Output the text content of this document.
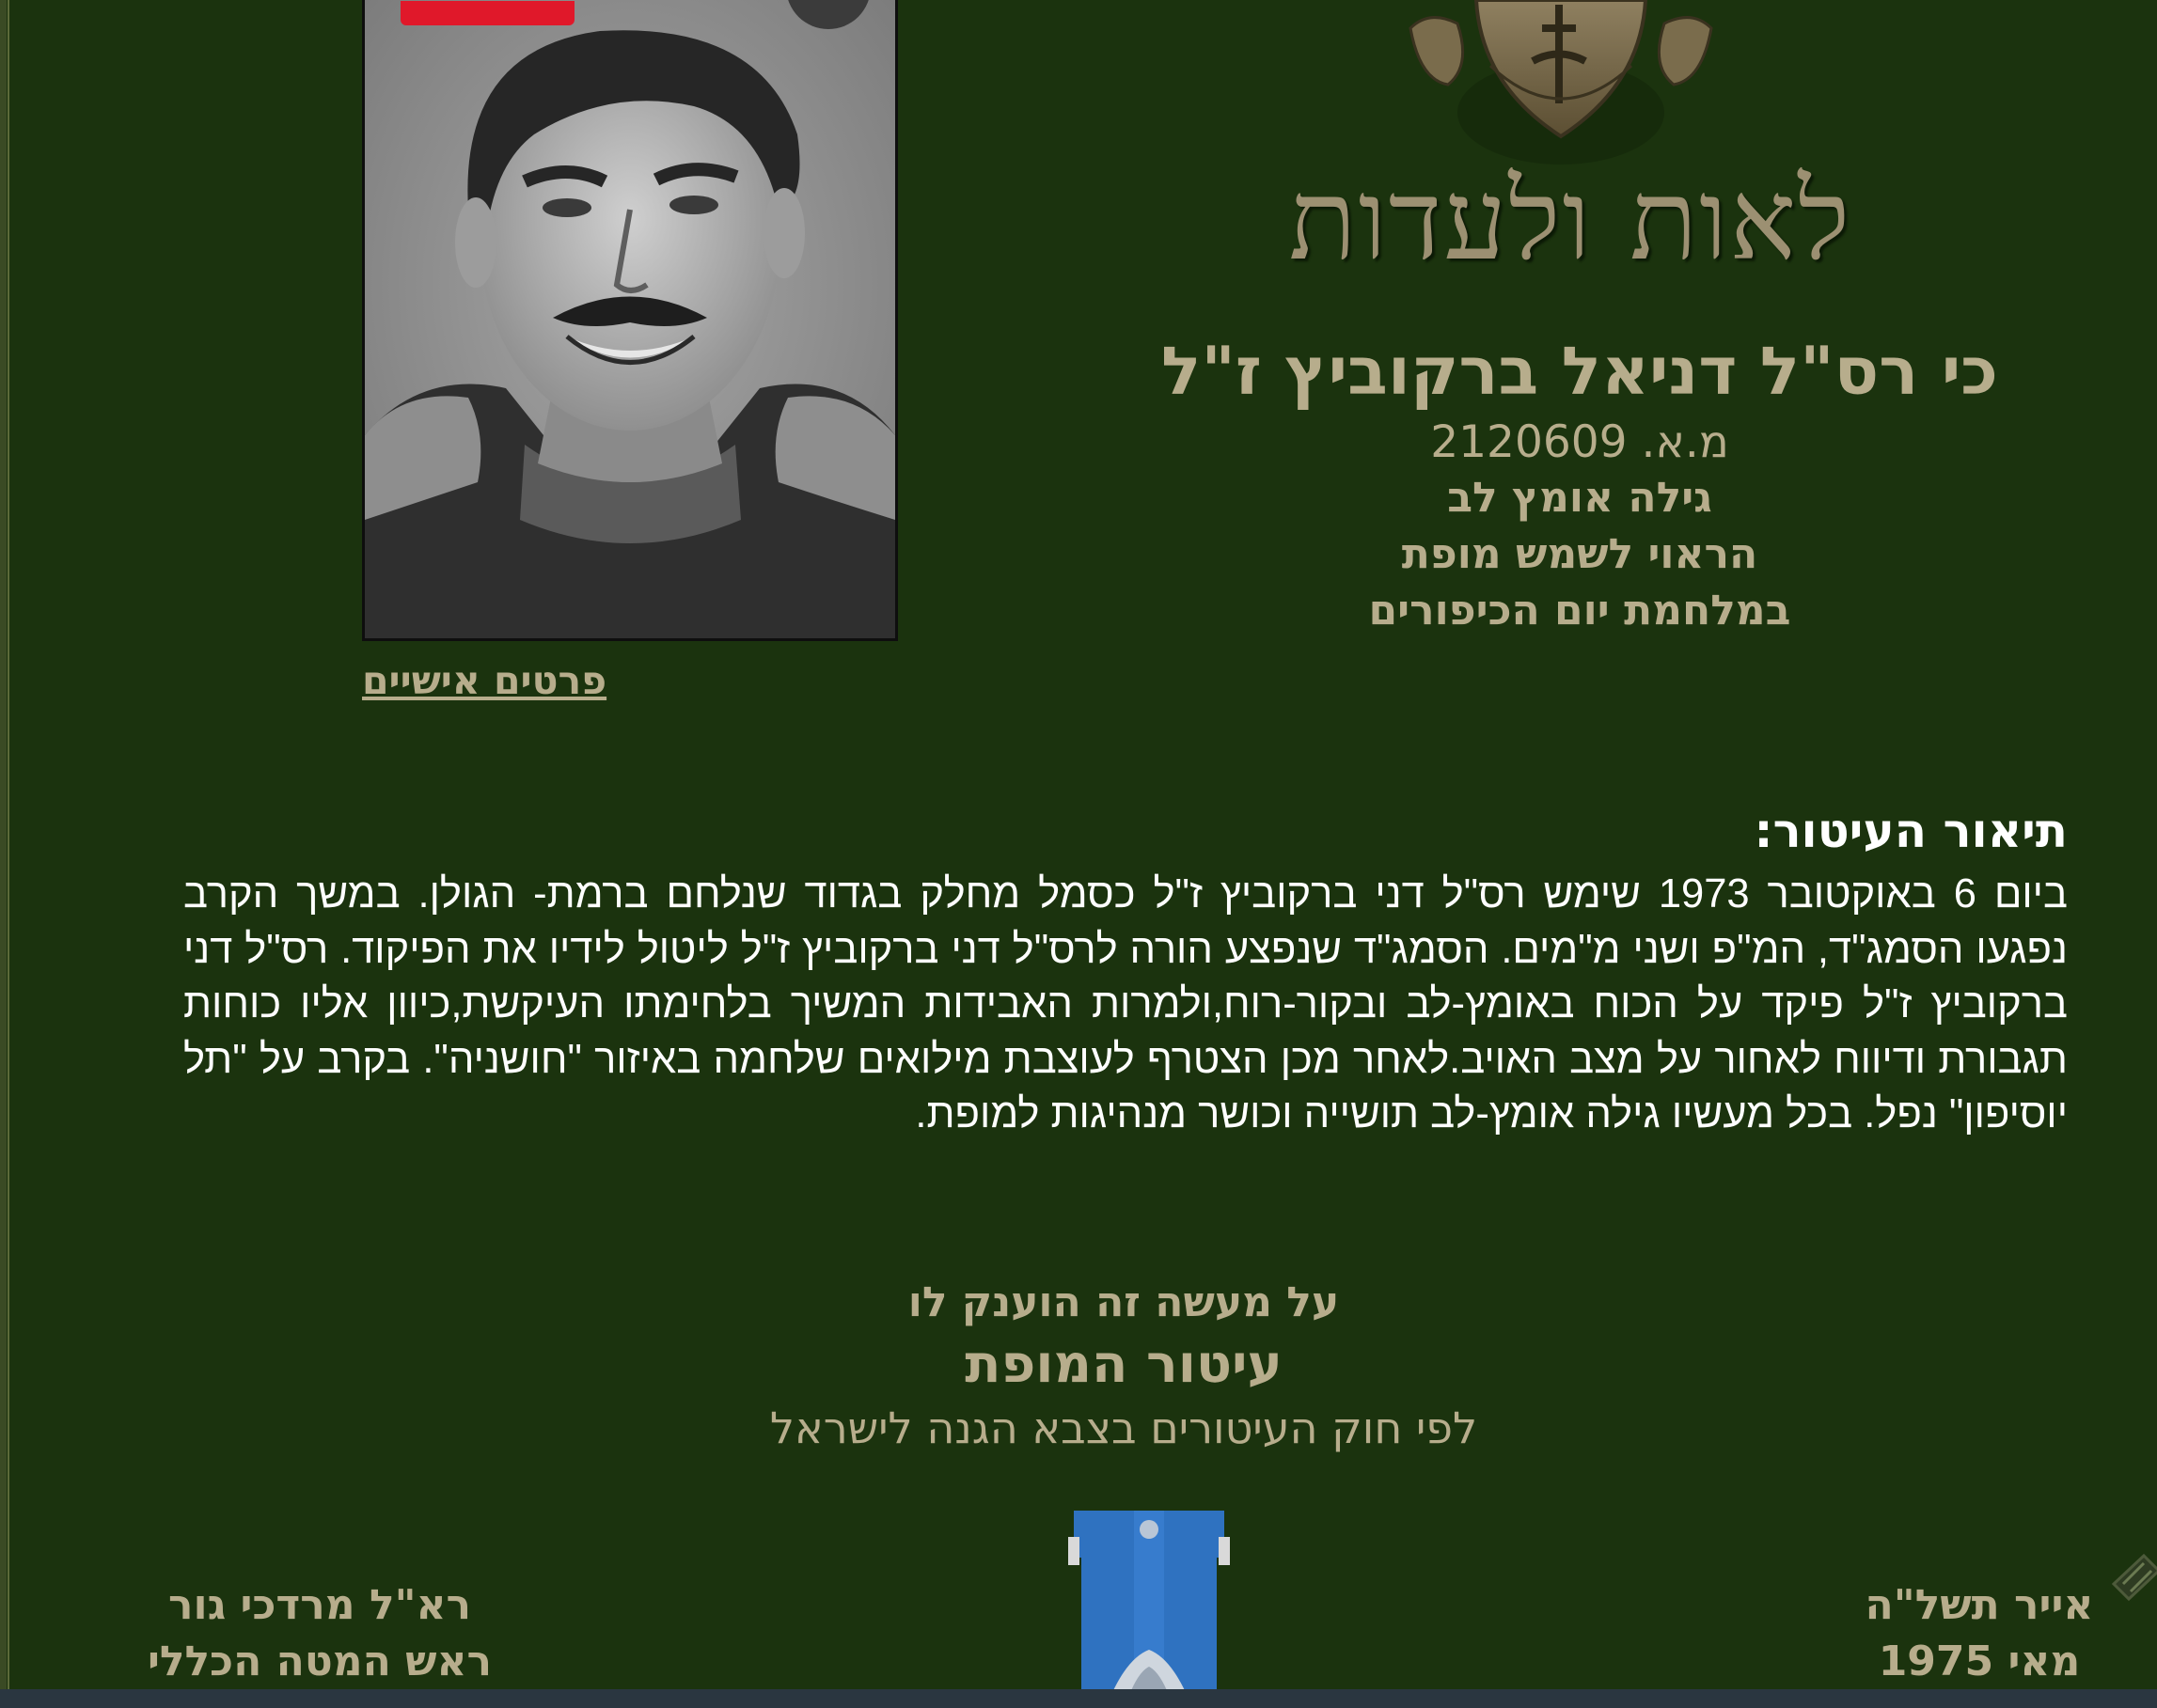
פרטים אישיים
לאות ולעדות
כי רס"ל דניאל ברקוביץ ז"ל
מ.א. 2120609
גילה אומץ לב
הראוי לשמש מופת
במלחמת יום הכיפורים
תיאור העיטור:
ביום 6 באוקטובר 1973 שימש רס"ל דני ברקוביץ ז"ל כסמל מחלק בגדוד שנלחם ברמת- הגולן. במשך הקרב נפגעו הסמג"ד, המ"פ ושני מ"מים. הסמג"ד שנפצע הורה לרס"ל דני ברקוביץ ז"ל ליטול לידיו את הפיקוד. רס"ל דני ברקוביץ ז"ל פיקד על הכוח באומץ-לב ובקור-רוח,ולמרות האבידות המשיך בלחימתו העיקשת,כיוון אליו כוחות תגבורת ודיווח לאחור על מצב האויב.לאחר מכן הצטרף לעוצבת מילואים שלחמה באיזור "חושניה". בקרב על "תל יוסיפון" נפל. בכל מעשיו גילה אומץ-לב תושייה וכושר מנהיגות למופת.
על מעשה זה הוענק לו
עיטור המופת
לפי חוק העיטורים בצבא הגנה לישראל
רא"ל מרדכי גור
ראש המטה הכללי
אייר תשל"ה
מאי 1975
